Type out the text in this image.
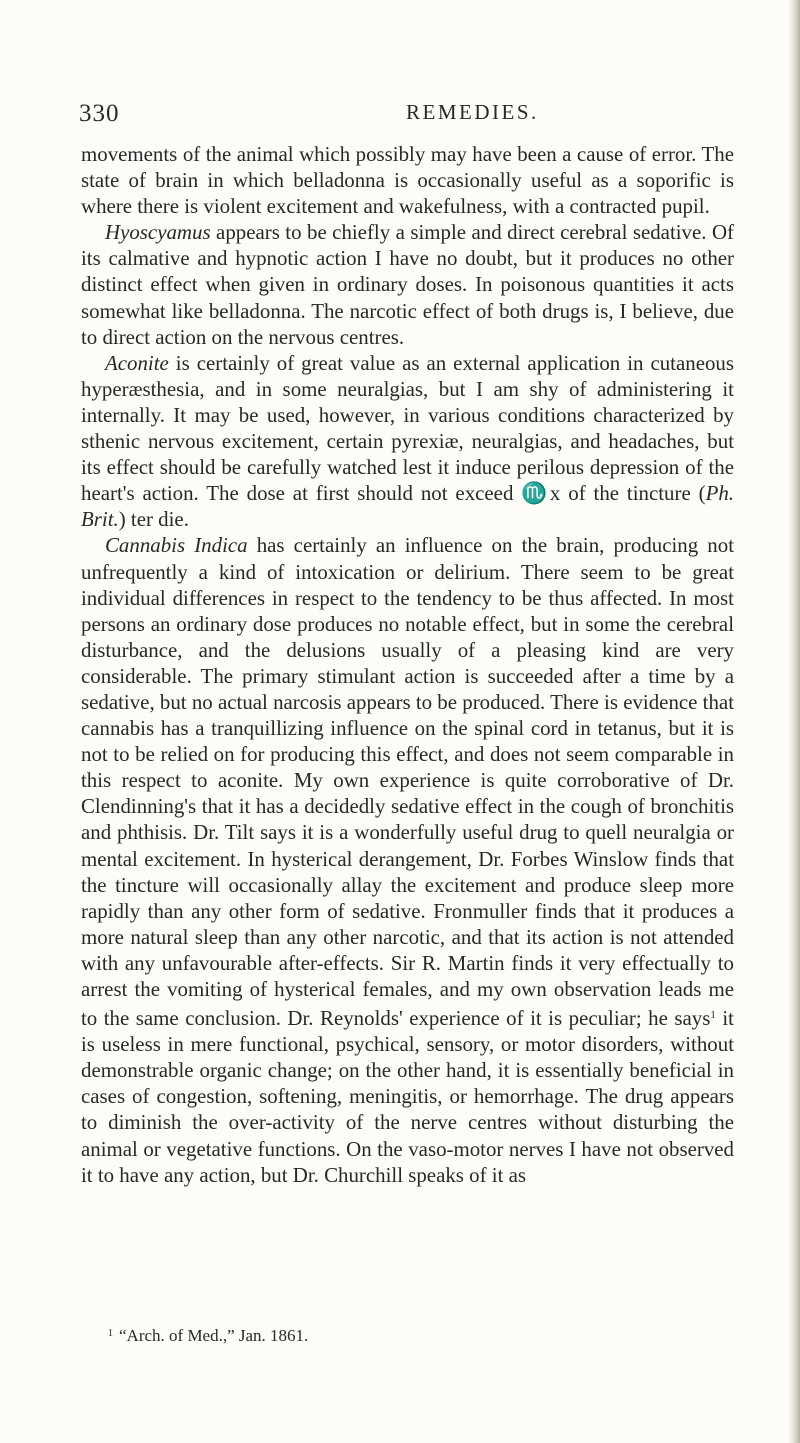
330	REMEDIES.

movements of the animal which possibly may have been a cause of error. The state of brain in which belladonna is occasionally useful as a soporific is where there is violent excitement and wakefulness, with a contracted pupil.

Hyoscyamus appears to be chiefly a simple and direct cerebral sedative. Of its calmative and hypnotic action I have no doubt, but it produces no other distinct effect when given in ordinary doses. In poisonous quantities it acts somewhat like belladonna. The narcotic effect of both drugs is, I believe, due to direct action on the nervous centres.

Aconite is certainly of great value as an external application in cutaneous hyperæsthesia, and in some neuralgias, but I am shy of administering it internally. It may be used, however, in various conditions characterized by sthenic nervous excitement, certain pyrexiæ, neuralgias, and headaches, but its effect should be carefully watched lest it induce perilous depression of the heart's action. The dose at first should not exceed ♏x of the tincture (Ph. Brit.) ter die.

Cannabis Indica has certainly an influence on the brain, producing not unfrequently a kind of intoxication or delirium. There seem to be great individual differences in respect to the tendency to be thus affected. In most persons an ordinary dose produces no notable effect, but in some the cerebral disturbance, and the delusions usually of a pleasing kind are very considerable. The primary stimulant action is succeeded after a time by a sedative, but no actual narcosis appears to be produced. There is evidence that cannabis has a tranquillizing influence on the spinal cord in tetanus, but it is not to be relied on for producing this effect, and does not seem comparable in this respect to aconite. My own experience is quite corroborative of Dr. Clendinning's that it has a decidedly sedative effect in the cough of bronchitis and phthisis. Dr. Tilt says it is a wonderfully useful drug to quell neuralgia or mental excitement. In hysterical derangement, Dr. Forbes Winslow finds that the tincture will occasionally allay the excitement and produce sleep more rapidly than any other form of sedative. Fronmuller finds that it produces a more natural sleep than any other narcotic, and that its action is not attended with any unfavourable after-effects. Sir R. Martin finds it very effectually to arrest the vomiting of hysterical females, and my own observation leads me to the same conclusion. Dr. Reynolds' experience of it is peculiar; he says$^1$ it is useless in mere functional, psychical, sensory, or motor disorders, without demonstrable organic change; on the other hand, it is essentially beneficial in cases of congestion, softening, meningitis, or hemorrhage. The drug appears to diminish the over-activity of the nerve centres without disturbing the animal or vegetative functions. On the vaso-motor nerves I have not observed it to have any action, but Dr. Churchill speaks of it as

$^1$ “Arch. of Med.,” Jan. 1861.
